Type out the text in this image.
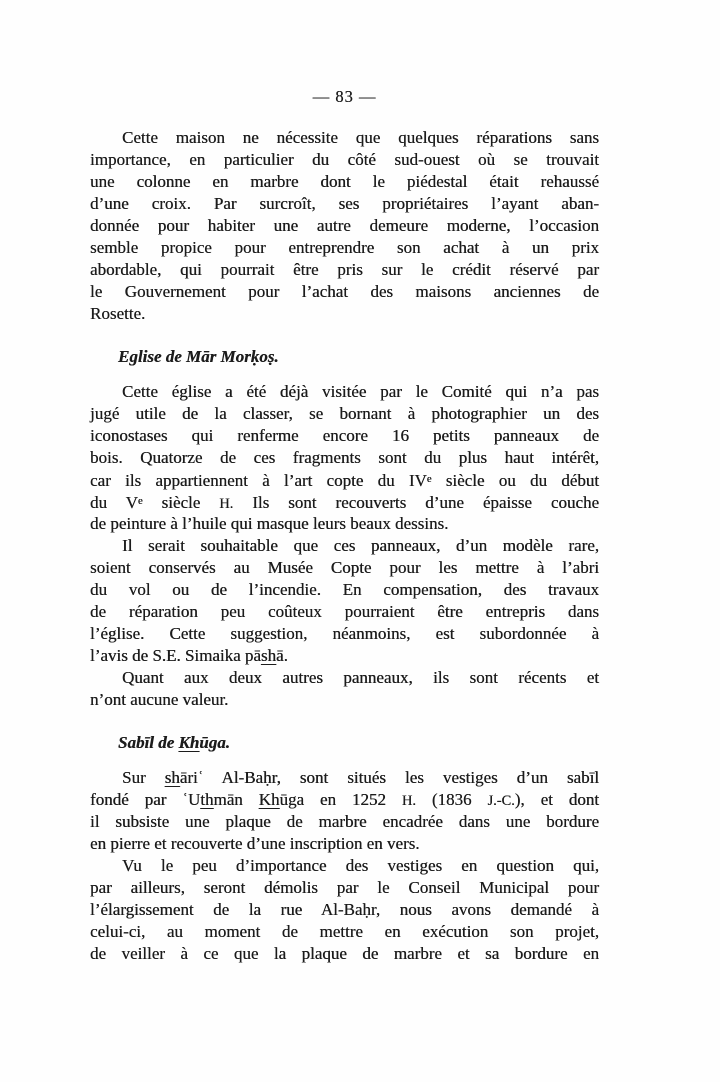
— 83 —
Cette maison ne nécessite que quelques réparations sans
importance, en particulier du côté sud-ouest où se trouvait
une colonne en marbre dont le piédestal était rehaussé
d’une croix. Par surcroît, ses propriétaires l’ayant aban-
donnée pour habiter une autre demeure moderne, l’occasion
semble propice pour entreprendre son achat à un prix
abordable, qui pourrait être pris sur le crédit réservé par
le Gouvernement pour l’achat des maisons anciennes de
Rosette.
Eglise de Mār Morḳoṣ.
Cette église a été déjà visitée par le Comité qui n’a pas
jugé utile de la classer, se bornant à photographier un des
iconostases qui renferme encore 16 petits panneaux de
bois. Quatorze de ces fragments sont du plus haut intérêt,
car ils appartiennent à l’art copte du IVe siècle ou du début
du Ve siècle H. Ils sont recouverts d’une épaisse couche
de peinture à l’huile qui masque leurs beaux dessins.
Il serait souhaitable que ces panneaux, d’un modèle rare,
soient conservés au Musée Copte pour les mettre à l’abri
du vol ou de l’incendie. En compensation, des travaux
de réparation peu coûteux pourraient être entrepris dans
l’église. Cette suggestion, néanmoins, est subordonnée à
l’avis de S.E. Simaika pāshā.
Quant aux deux autres panneaux, ils sont récents et
n’ont aucune valeur.
Sabīl de Khūga.
Sur shāriʿ Al-Baḥr, sont situés les vestiges d’un sabīl
fondé par ʿUthmān Khūga en 1252 H. (1836 J.-C.), et dont
il subsiste une plaque de marbre encadrée dans une bordure
en pierre et recouverte d’une inscription en vers.
Vu le peu d’importance des vestiges en question qui,
par ailleurs, seront démolis par le Conseil Municipal pour
l’élargissement de la rue Al-Baḥr, nous avons demandé à
celui-ci, au moment de mettre en exécution son projet,
de veiller à ce que la plaque de marbre et sa bordure en
